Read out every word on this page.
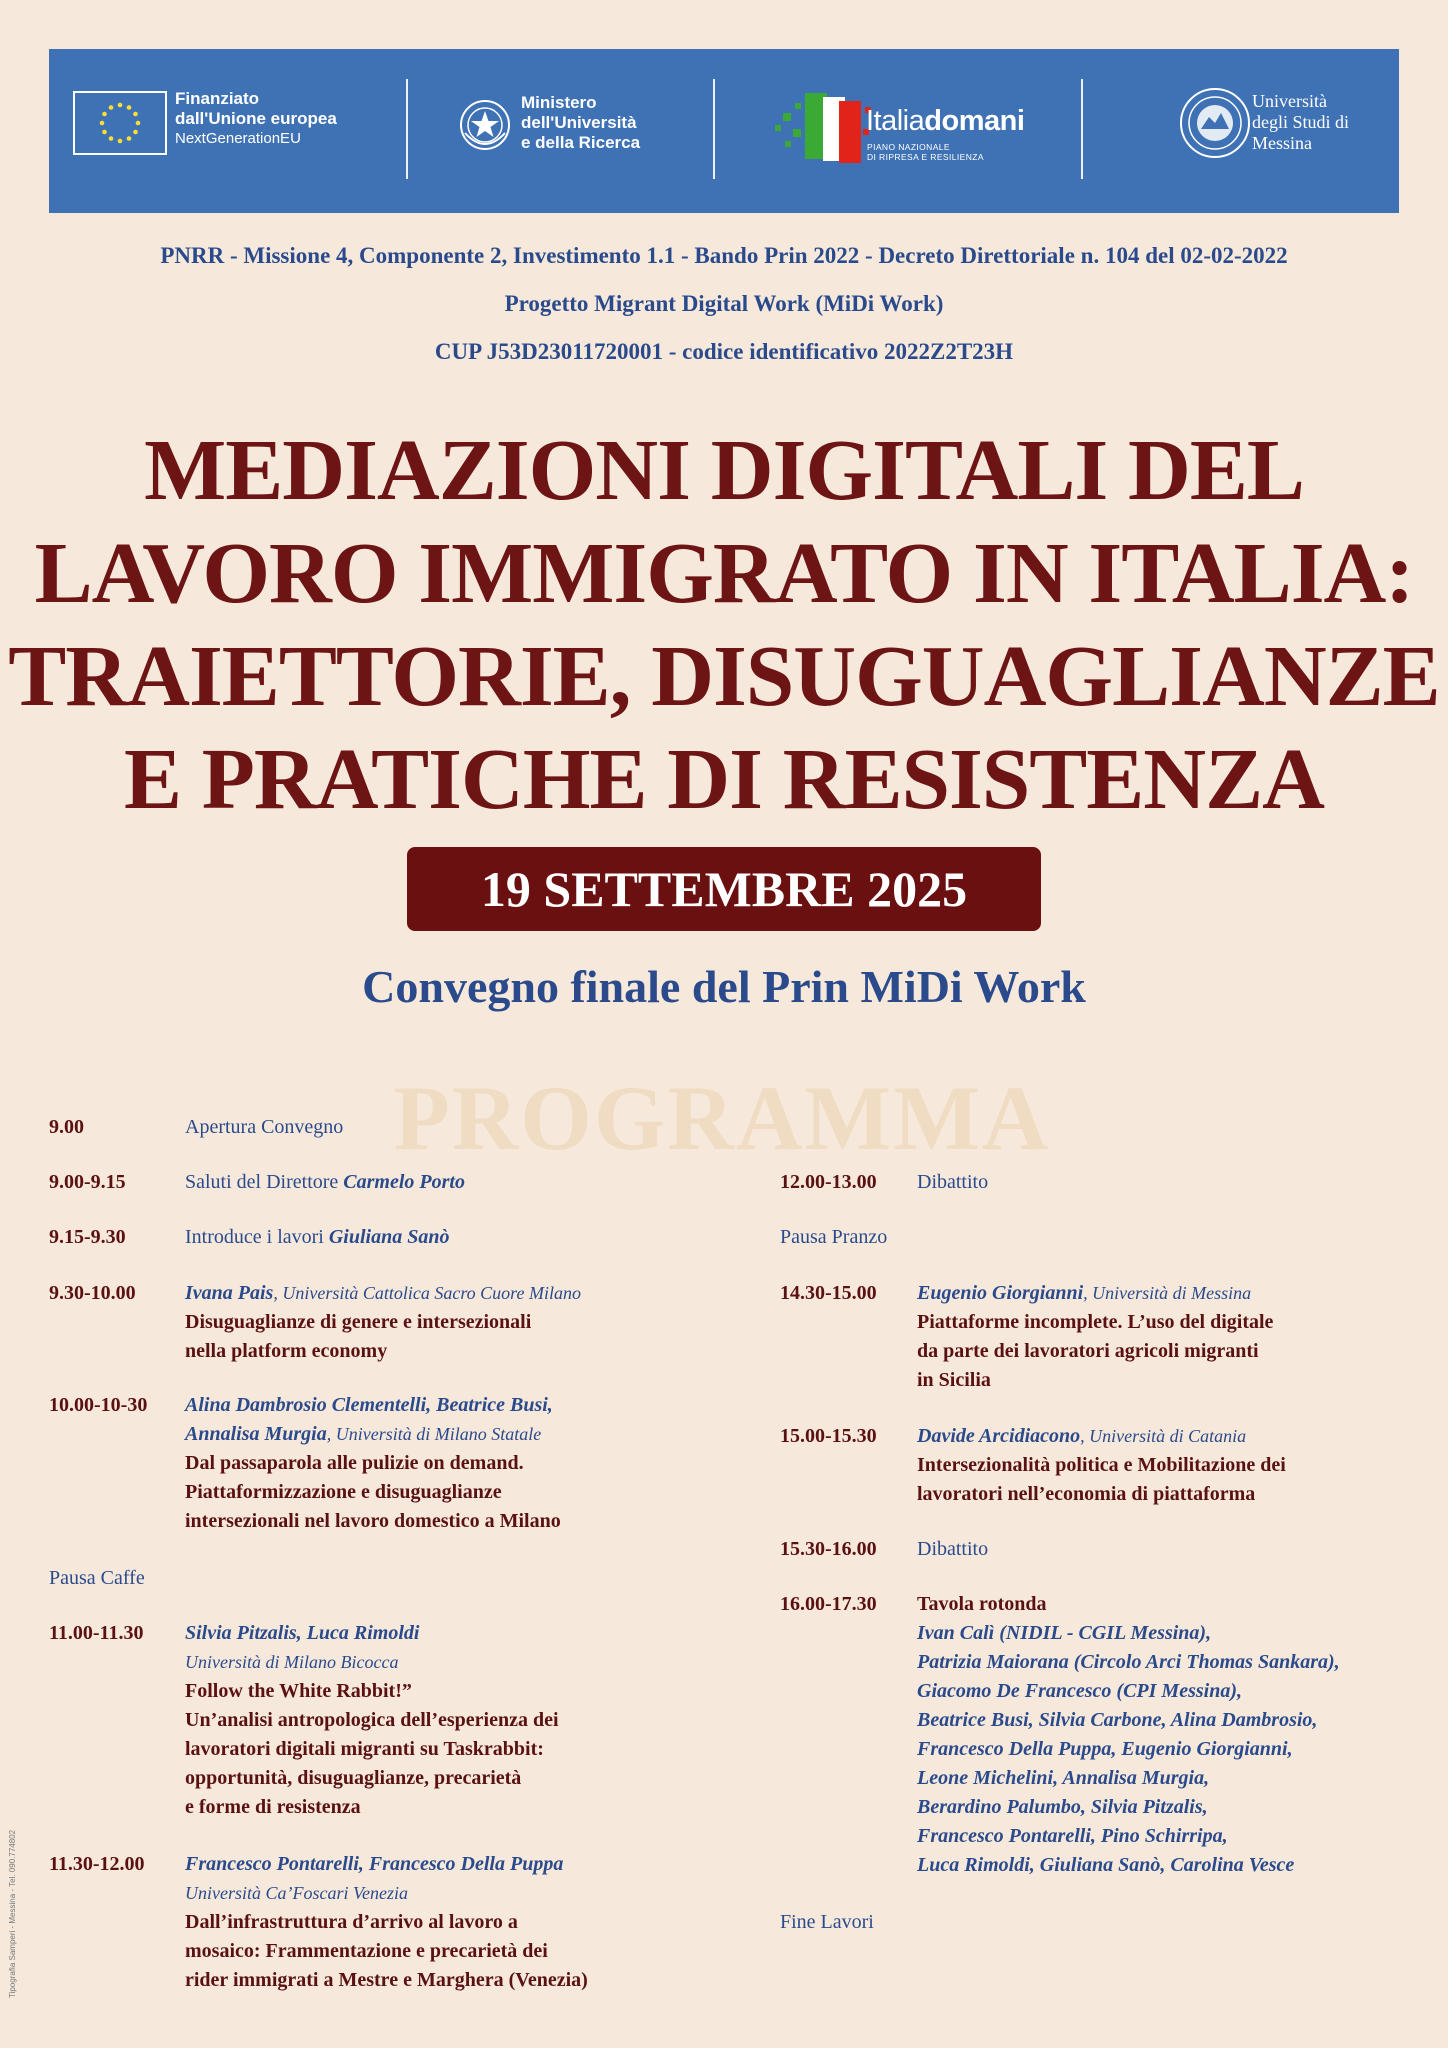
Finanziato
dall'Unione europea
NextGenerationEU
Ministero
dell'Università
e della Ricerca
Italiadomani
PIANO NAZIONALE
DI RIPRESA E RESILIENZA
Università
degli Studi di
Messina
PNRR - Missione 4, Componente 2, Investimento 1.1 - Bando Prin 2022 - Decreto Direttoriale n. 104 del 02-02-2022
Progetto Migrant Digital Work (MiDi Work)
CUP J53D23011720001 - codice identificativo 2022Z2T23H
MEDIAZIONI DIGITALI DEL
LAVORO IMMIGRATO IN ITALIA:
TRAIETTORIE, DISUGUAGLIANZE
E PRATICHE DI RESISTENZA
19 SETTEMBRE 2025
Convegno finale del Prin MiDi Work
PROGRAMMA
9.00	Apertura Convegno
9.00-9.15	Saluti del Direttore Carmelo Porto
9.15-9.30	Introduce i lavori Giuliana Sanò
9.30-10.00 Ivana Pais, Università Cattolica Sacro Cuore Milano
Disuguaglianze di genere e intersezionali
nella platform economy
10.00-10-30 Alina Dambrosio Clementelli, Beatrice Busi,
Annalisa Murgia, Università di Milano Statale
Dal passaparola alle pulizie on demand.
Piattaformizzazione e disuguaglianze
intersezionali nel lavoro domestico a Milano
Pausa Caffe
11.00-11.30 Silvia Pitzalis, Luca Rimoldi
Università di Milano Bicocca
Follow the White Rabbit!”
Un’analisi antropologica dell’esperienza dei
lavoratori digitali migranti su Taskrabbit:
opportunità, disuguaglianze, precarietà
e forme di resistenza
11.30-12.00 Francesco Pontarelli, Francesco Della Puppa
Università Ca’Foscari Venezia
Dall’infrastruttura d’arrivo al lavoro a
mosaico: Frammentazione e precarietà dei
rider immigrati a Mestre e Marghera (Venezia)
12.00-13.00 Dibattito
Pausa Pranzo
14.30-15.00 Eugenio Giorgianni, Università di Messina
Piattaforme incomplete. L’uso del digitale
da parte dei lavoratori agricoli migranti
in Sicilia
15.00-15.30 Davide Arcidiacono, Università di Catania
Intersezionalità politica e Mobilitazione dei
lavoratori nell’economia di piattaforma
15.30-16.00 Dibattito
16.00-17.30 Tavola rotonda
Ivan Calì (NIDIL - CGIL Messina),
Patrizia Maiorana (Circolo Arci Thomas Sankara),
Giacomo De Francesco (CPI Messina),
Beatrice Busi, Silvia Carbone, Alina Dambrosio,
Francesco Della Puppa, Eugenio Giorgianni,
Leone Michelini, Annalisa Murgia,
Berardino Palumbo, Silvia Pitzalis,
Francesco Pontarelli, Pino Schirripa,
Luca Rimoldi, Giuliana Sanò, Carolina Vesce
Fine Lavori
Tipografia Samperi - Messina - Tel. 090.774802
